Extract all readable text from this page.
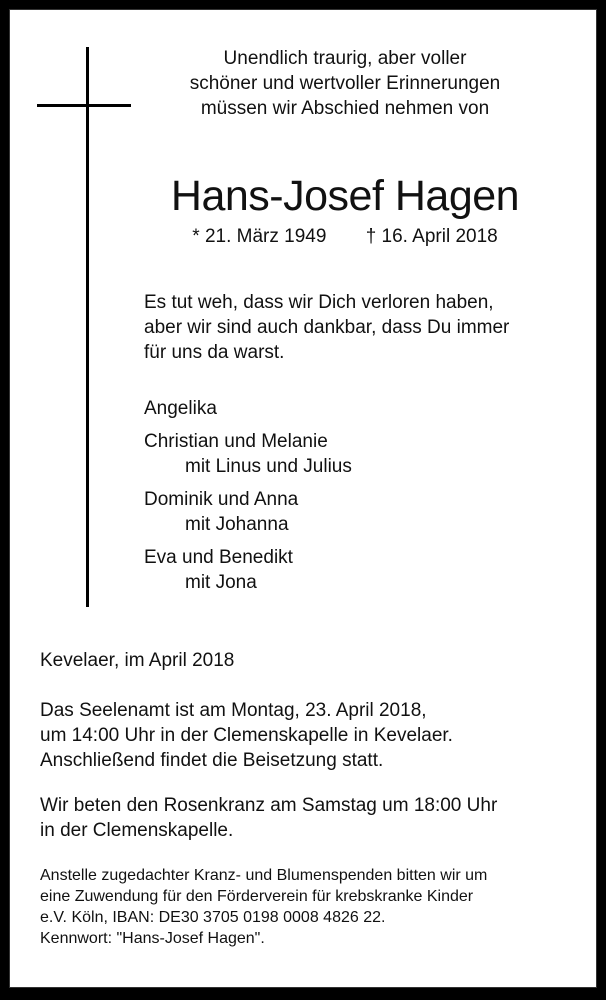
Unendlich traurig, aber voller
schöner und wertvoller Erinnerungen
müssen wir Abschied nehmen von
Hans-Josef Hagen
* 21. März 1949 † 16. April 2018
Es tut weh, dass wir Dich verloren haben,
aber wir sind auch dankbar, dass Du immer
für uns da warst.
Angelika
Christian und Melanie
mit Linus und Julius
Dominik und Anna
mit Johanna
Eva und Benedikt
mit Jona
Kevelaer, im April 2018
Das Seelenamt ist am Montag, 23. April 2018,
um 14:00 Uhr in der Clemenskapelle in Kevelaer.
Anschließend findet die Beisetzung statt.
Wir beten den Rosenkranz am Samstag um 18:00 Uhr
in der Clemenskapelle.
Anstelle zugedachter Kranz- und Blumenspenden bitten wir um
eine Zuwendung für den Förderverein für krebskranke Kinder
e.V. Köln, IBAN: DE30 3705 0198 0008 4826 22.
Kennwort: "Hans-Josef Hagen".
